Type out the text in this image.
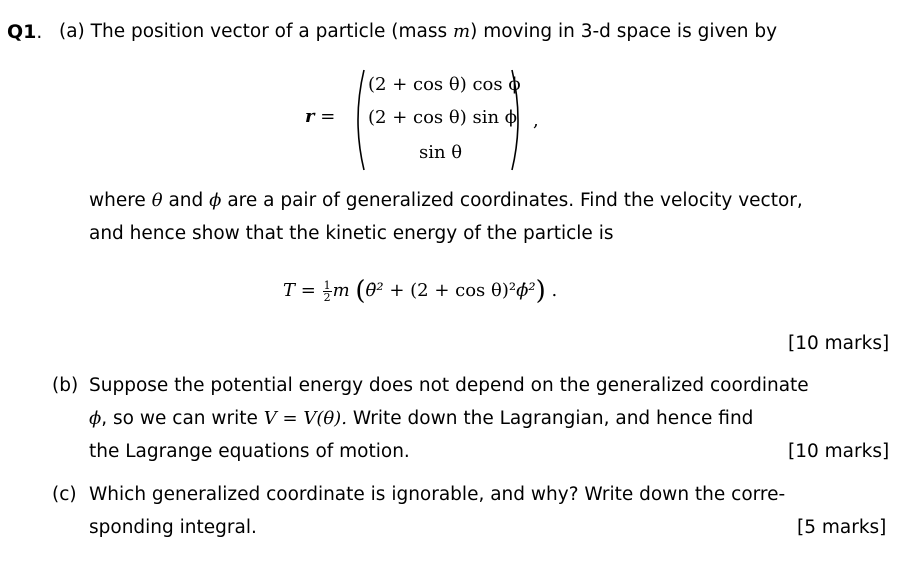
Q1. (a) The position vector of a particle (mass m) moving in 3-d space is given by
r =
(2 + cos θ) cos ϕ
(2 + cos θ) sin ϕ
sin θ
,
where θ and ϕ are a pair of generalized coordinates. Find the velocity vector,
and hence show that the kinetic energy of the particle is
$T = \frac{1}{2}$ m (θ̇² + (2 + cos θ)²ϕ̇²) .
[10 marks]
(b) Suppose the potential energy does not depend on the generalized coordinate
ϕ, so we can write V = V(θ). Write down the Lagrangian, and hence find
the Lagrange equations of motion.	[10 marks]
(c) Which generalized coordinate is ignorable, and why? Write down the corre-
sponding integral.	[5 marks]
